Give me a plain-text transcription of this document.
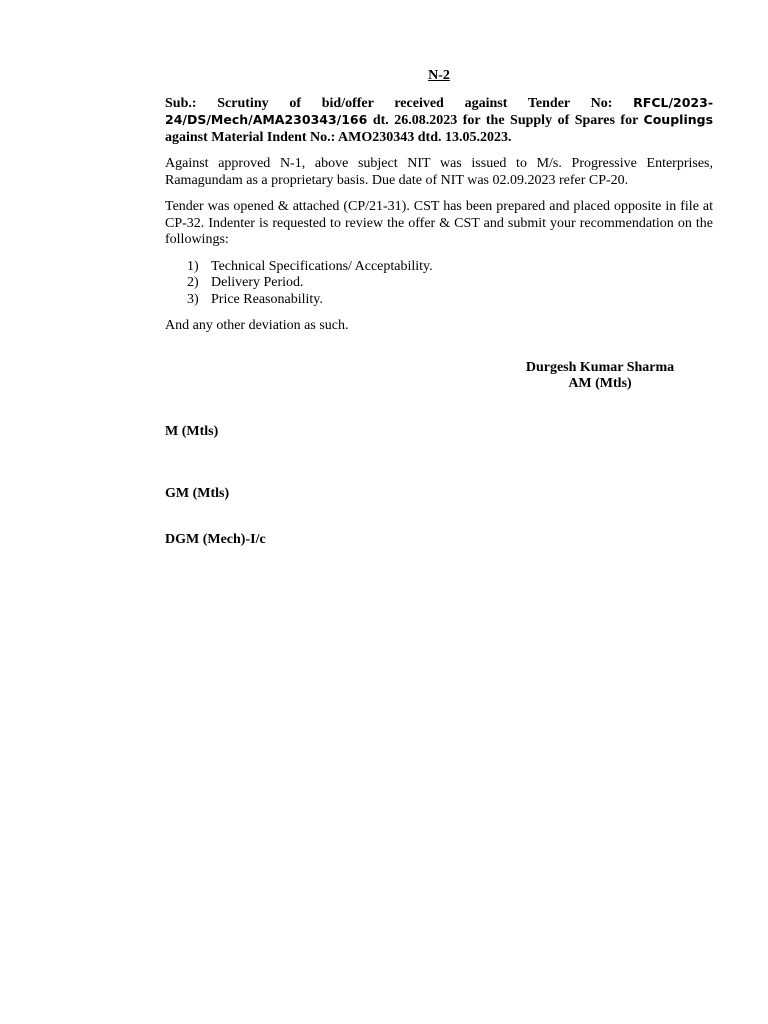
N-2
Sub.: Scrutiny of bid/offer received against Tender No: RFCL/2023-24/DS/Mech/AMA230343/166 dt. 26.08.2023 for the Supply of Spares for Couplings against Material Indent No.: AMO230343 dtd. 13.05.2023.
Against approved N-1, above subject NIT was issued to M/s. Progressive Enterprises, Ramagundam as a proprietary basis. Due date of NIT was 02.09.2023 refer CP-20.
Tender was opened & attached (CP/21-31). CST has been prepared and placed opposite in file at CP-32. Indenter is requested to review the offer & CST and submit your recommendation on the followings:
1) Technical Specifications/ Acceptability.
2) Delivery Period.
3) Price Reasonability.
And any other deviation as such.
Durgesh Kumar Sharma
AM (Mtls)
M (Mtls)
GM (Mtls)
DGM (Mech)-I/c
